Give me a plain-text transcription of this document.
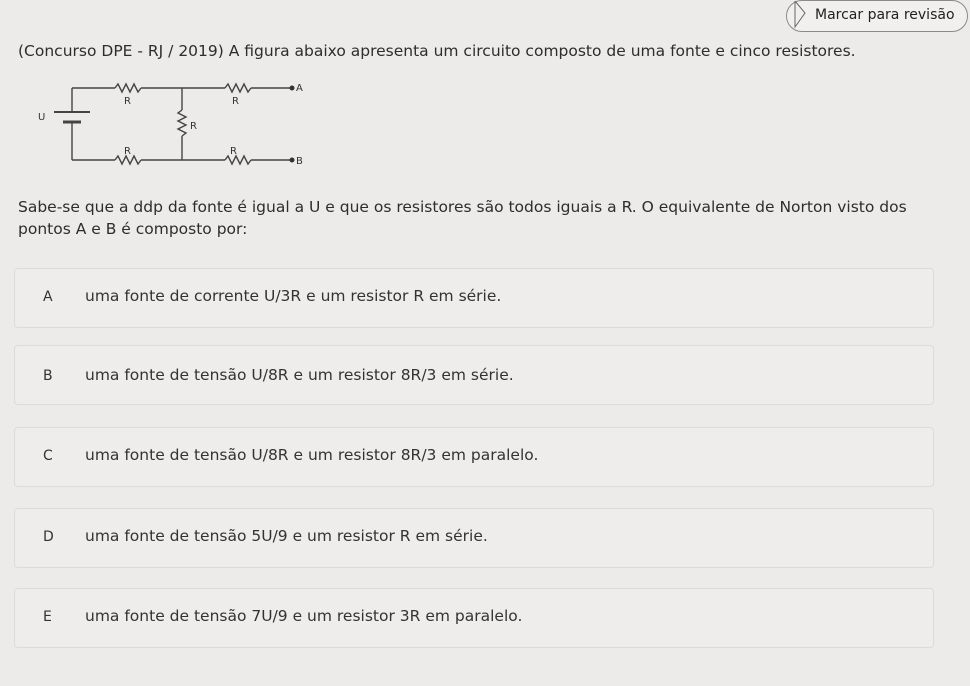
Marcar para revisão
(Concurso DPE - RJ / 2019) A figura abaixo apresenta um circuito composto de uma fonte e cinco resistores.
U
R	R
R
R	R
A
B
Sabe-se que a ddp da fonte é igual a U e que os resistores são todos iguais a R. O equivalente de Norton visto dos pontos A e B é composto por:
A uma fonte de corrente U/3R e um resistor R em série.
B uma fonte de tensão U/8R e um resistor 8R/3 em série.
C uma fonte de tensão U/8R e um resistor 8R/3 em paralelo.
D uma fonte de tensão 5U/9 e um resistor R em série.
E uma fonte de tensão 7U/9 e um resistor 3R em paralelo.
